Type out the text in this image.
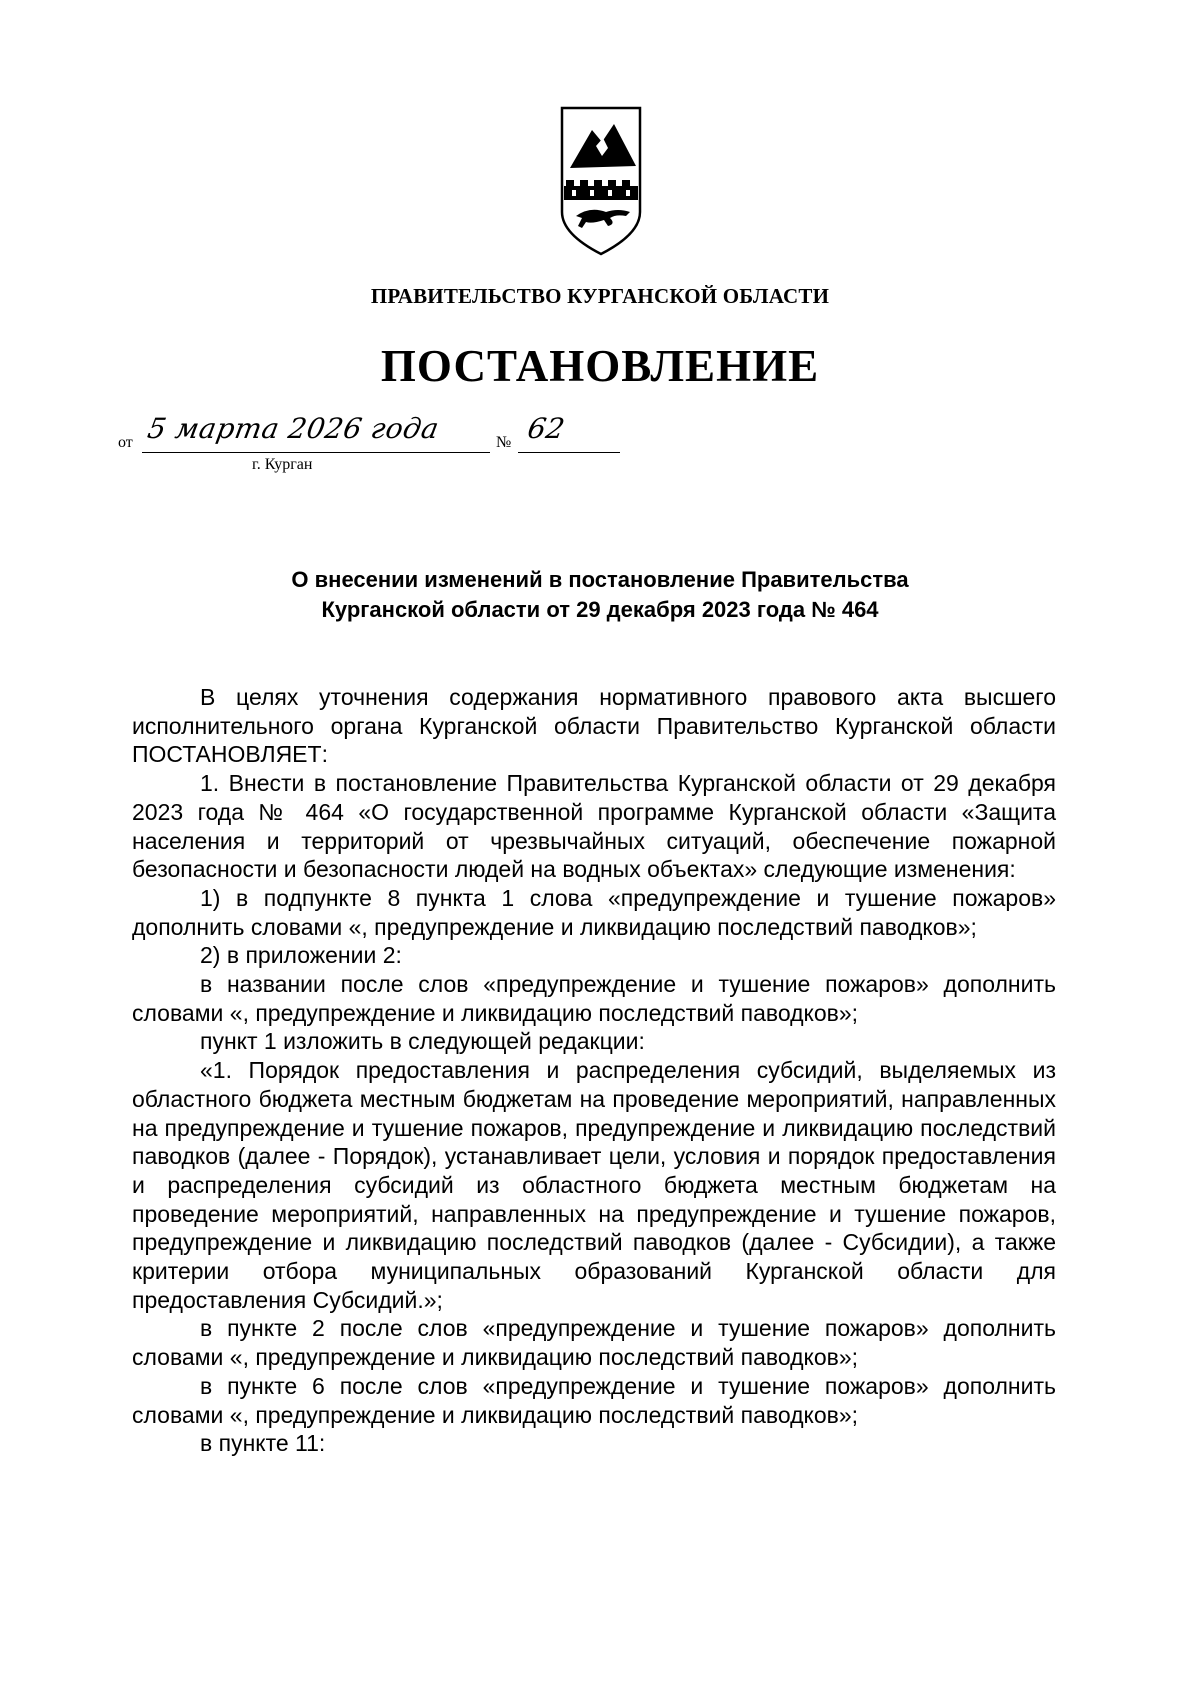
ПРАВИТЕЛЬСТВО КУРГАНСКОЙ ОБЛАСТИ
ПОСТАНОВЛЕНИЕ
от 5 марта 2026 года	№ 62
г. Курган
О внесении изменений в постановление Правительства
Курганской области от 29 декабря 2023 года № 464

В целях уточнения содержания нормативного правового акта высшего исполнительного органа Курганской области Правительство Курганской области ПОСТАНОВЛЯЕТ:

1. Внести в постановление Правительства Курганской области от 29 декабря 2023 года № 464 «О государственной программе Курганской области «Защита населения и территорий от чрезвычайных ситуаций, обеспечение пожарной безопасности и безопасности людей на водных объектах» следующие изменения:

1) в подпункте 8 пункта 1 слова «предупреждение и тушение пожаров» дополнить словами «, предупреждение и ликвидацию последствий паводков»;

2) в приложении 2:

в названии после слов «предупреждение и тушение пожаров» дополнить словами «, предупреждение и ликвидацию последствий паводков»;

пункт 1 изложить в следующей редакции:

«1. Порядок предоставления и распределения субсидий, выделяемых из областного бюджета местным бюджетам на проведение мероприятий, направленных на предупреждение и тушение пожаров, предупреждение и ликвидацию последствий паводков (далее - Порядок), устанавливает цели, условия и порядок предоставления и распределения субсидий из областного бюджета местным бюджетам на проведение мероприятий, направленных на предупреждение и тушение пожаров, предупреждение и ликвидацию последствий паводков (далее - Субсидии), а также критерии отбора муниципальных образований Курганской области для предоставления Субсидий.»;

в пункте 2 после слов «предупреждение и тушение пожаров» дополнить словами «, предупреждение и ликвидацию последствий паводков»;

в пункте 6 после слов «предупреждение и тушение пожаров» дополнить словами «, предупреждение и ликвидацию последствий паводков»;

в пункте 11:
